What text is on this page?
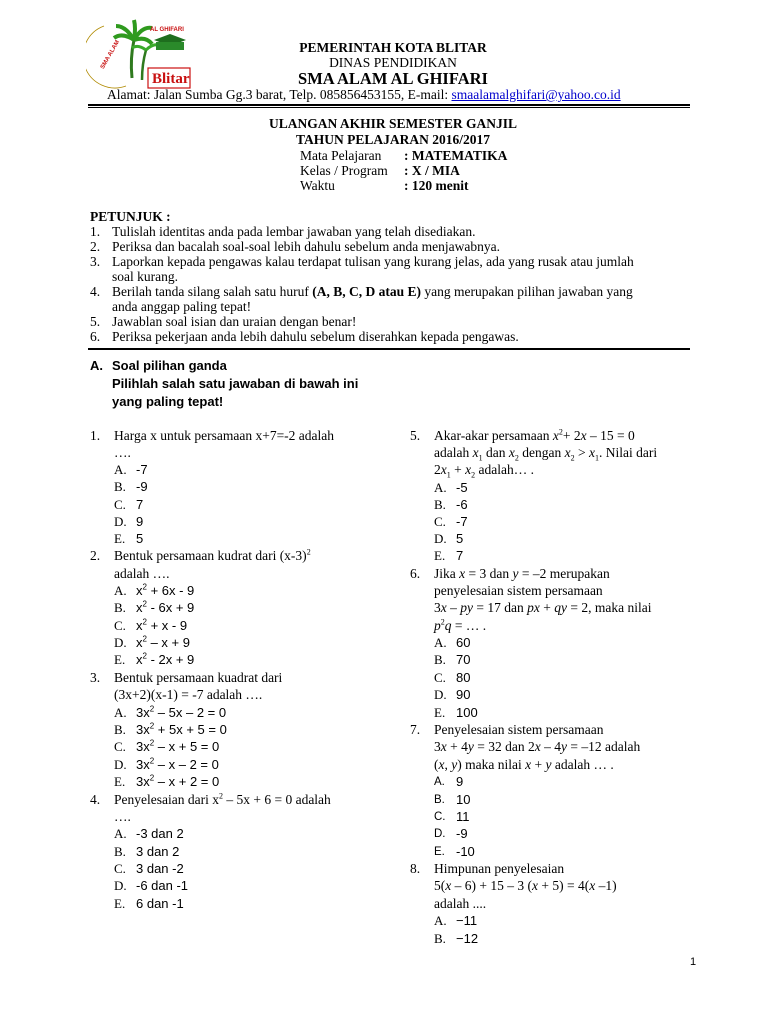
Blitar
AL GHIFARI
SMA ALAM	PEMERINTAH KOTA BLITAR
DINAS PENDIDIKAN
SMA ALAM AL GHIFARI
Alamat: Jalan Sumba Gg.3 barat, Telp. 085856453155, E-mail: smaalamalghifari@yahoo.co.id
ULANGAN AKHIR SEMESTER GANJIL
TAHUN PELAJARAN 2016/2017
Mata Pelajaran : MATEMATIKA
Kelas / Program : X / MIA
Waktu	: 120 menit
PETUNJUK :
1. Tulislah identitas anda pada lembar jawaban yang telah disediakan.
2. Periksa dan bacalah soal-soal lebih dahulu sebelum anda menjawabnya.
3. Laporkan kepada pengawas kalau terdapat tulisan yang kurang jelas, ada yang rusak atau jumlah
soal kurang.
4. Berilah tanda silang salah satu huruf (A, B, C, D atau E) yang merupakan pilihan jawaban yang
anda anggap paling tepat!
5. Jawablan soal isian dan uraian dengan benar!
6. Periksa pekerjaan anda lebih dahulu sebelum diserahkan kepada pengawas.
A. Soal pilihan ganda
Pilihlah salah satu jawaban di bawah ini
yang paling tepat!
1. Harga x untuk persamaan x+7=-2 adalah
….
A. -7
B. -9
C. 7
D. 9
E. 5
2. Bentuk persamaan kudrat dari $(x-3)^2$
adalah ….
A. $x^2 + 6x - 9$
B. $x^2 - 6x + 9$
C. $x^2 + x - 9$
D. $x^2 - x + 9$
E. $x^2 - 2x + 9$
3. Bentuk persamaan kuadrat dari
(3x+2)(x-1) = -7 adalah ….
A. $3x^2 - 5x - 2 = 0$
B. $3x^2 + 5x + 5 = 0$
C. $3x^2 - x + 5 = 0$
D. $3x^2 - x - 2 = 0$
E. $3x^2 - x + 2 = 0$
4. Penyelesaian dari $x^2 - 5x + 6 = 0$ adalah
….
A. -3 dan 2
B. 3 dan 2
C. 3 dan -2
D. -6 dan -1
E. 6 dan -1
5. Akar-akar persamaan $x^2+ 2x - 15 = 0$
adalah $x_1$ dan $x_2$ dengan $x_2 > x_1$. Nilai dari
$2x_1 + x_2$ adalah… .
A. -5
B. -6
C. -7
D. 5
E. 7
6. Jika x = 3 dan y = –2 merupakan
penyelesaian sistem persamaan
3x – py = 17 dan px + qy = 2, maka nilai
$p^2q$ = … .
A. 60
B. 70
C. 80
D. 90
E. 100
7. Penyelesaian sistem persamaan
3x + 4y = 32 dan 2x – 4y = –12 adalah
(x, y) maka nilai x + y adalah … .
A. 9
B. 10
C. 11
D. -9
E. -10
8. Himpunan penyelesaian
5(x – 6) + 15 – 3 (x + 5) = 4(x –1)
adalah ....
A. −11
B. −12
1
